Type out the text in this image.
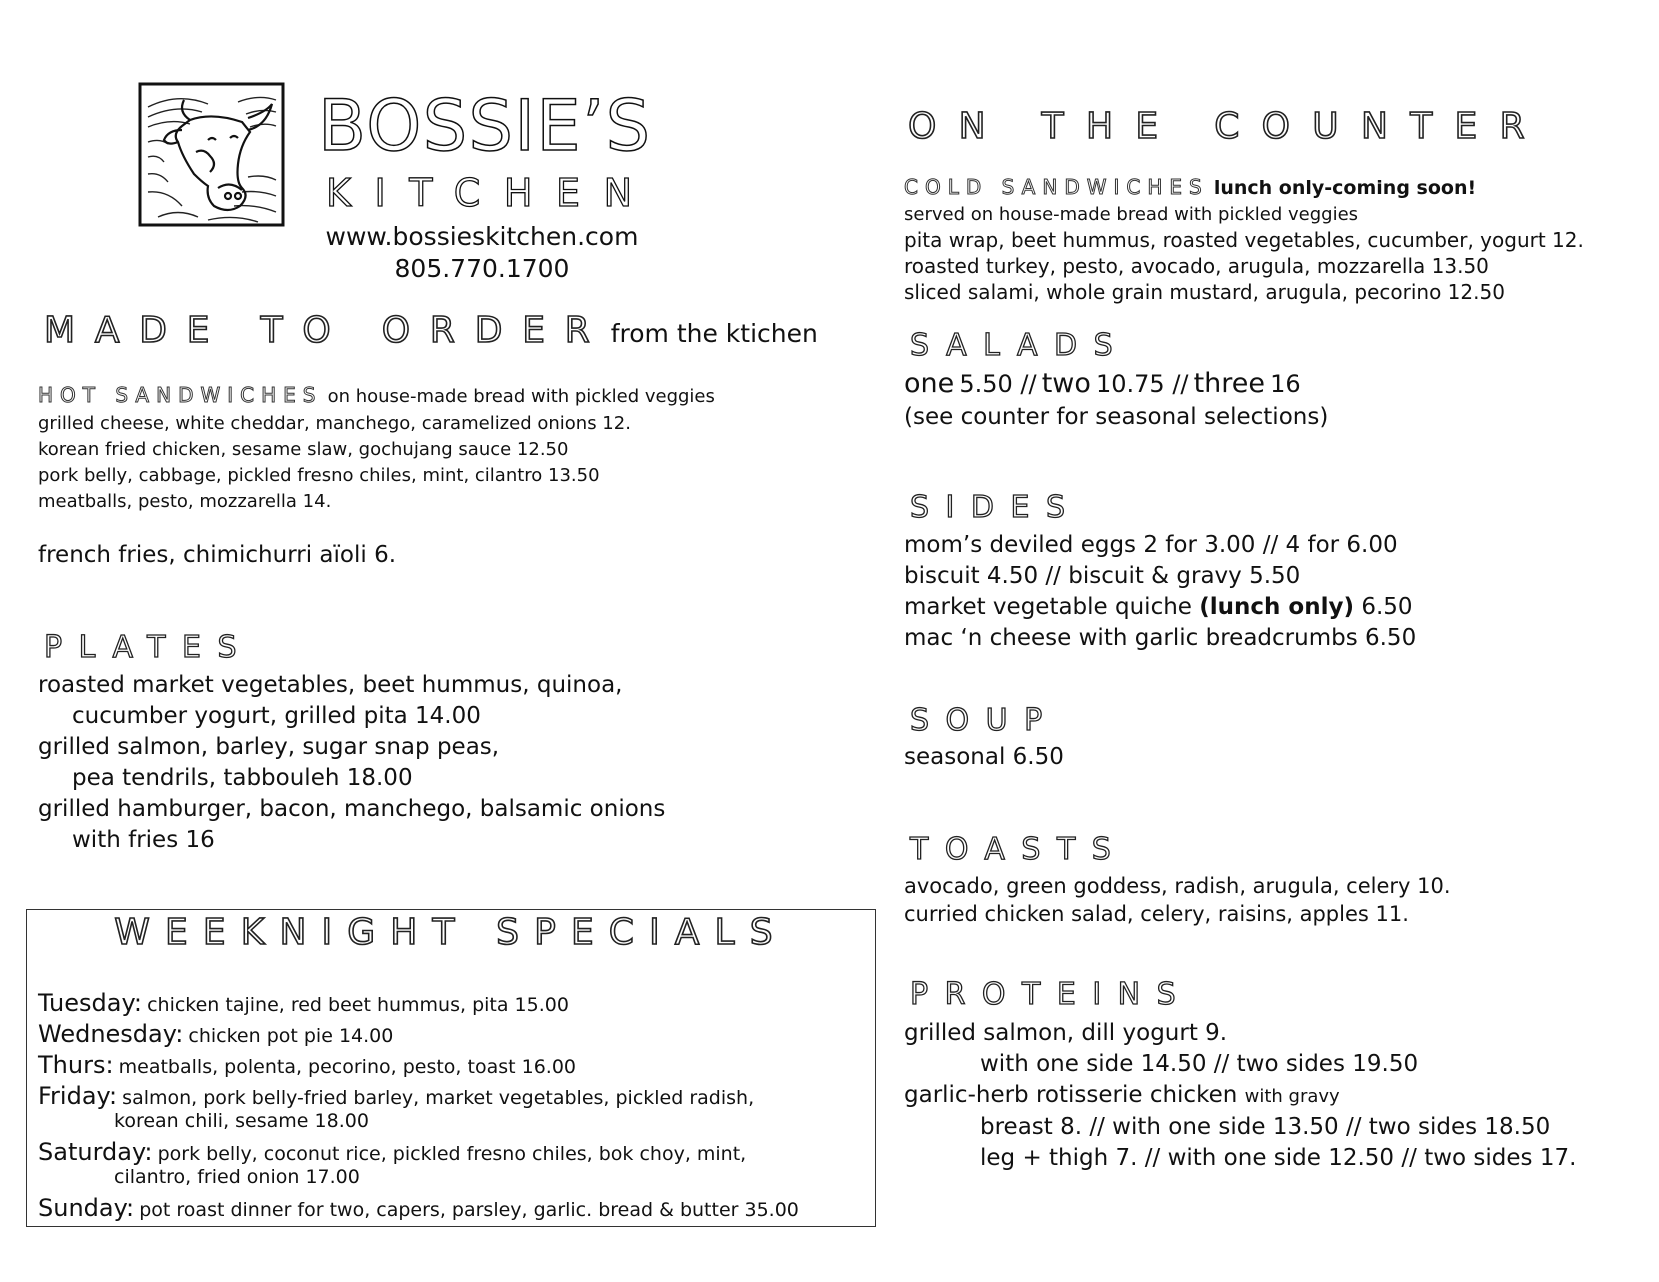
BOSSIE’S
KITCHEN
www.bossieskitchen.com
805.770.1700
MADE TO ORDER from the ktichen
HOT SANDWICHES on house-made bread with pickled veggies
grilled cheese, white cheddar, manchego, caramelized onions 12.
korean fried chicken, sesame slaw, gochujang sauce 12.50
pork belly, cabbage, pickled fresno chiles, mint, cilantro 13.50
meatballs, pesto, mozzarella 14.
french fries, chimichurri aïoli 6.
PLATES
roasted market vegetables, beet hummus, quinoa,
cucumber yogurt, grilled pita 14.00
grilled salmon, barley, sugar snap peas,
pea tendrils, tabbouleh 18.00
grilled hamburger, bacon, manchego, balsamic onions
with fries 16
WEEKNIGHT SPECIALS
Tuesday: chicken tajine, red beet hummus, pita 15.00
Wednesday: chicken pot pie 14.00
Thurs: meatballs, polenta, pecorino, pesto, toast 16.00
Friday: salmon, pork belly-fried barley, market vegetables, pickled radish,
korean chili, sesame 18.00
Saturday: pork belly, coconut rice, pickled fresno chiles, bok choy, mint,
cilantro, fried onion 17.00
Sunday: pot roast dinner for two, capers, parsley, garlic. bread & butter 35.00
ON THE COUNTER
COLD SANDWICHES lunch only-coming soon!
served on house-made bread with pickled veggies
pita wrap, beet hummus, roasted vegetables, cucumber, yogurt 12.
roasted turkey, pesto, avocado, arugula, mozzarella 13.50
sliced salami, whole grain mustard, arugula, pecorino 12.50
SALADS
one 5.50 // two 10.75 // three 16
(see counter for seasonal selections)
SIDES
mom’s deviled eggs 2 for 3.00 // 4 for 6.00
biscuit 4.50 // biscuit & gravy 5.50
market vegetable quiche (lunch only) 6.50
mac ‘n cheese with garlic breadcrumbs 6.50
SOUP
seasonal 6.50
TOASTS
avocado, green goddess, radish, arugula, celery 10.
curried chicken salad, celery, raisins, apples 11.
PROTEINS
grilled salmon, dill yogurt 9.
with one side 14.50 // two sides 19.50
garlic-herb rotisserie chicken with gravy
breast 8. // with one side 13.50 // two sides 18.50
leg + thigh 7. // with one side 12.50 // two sides 17.
